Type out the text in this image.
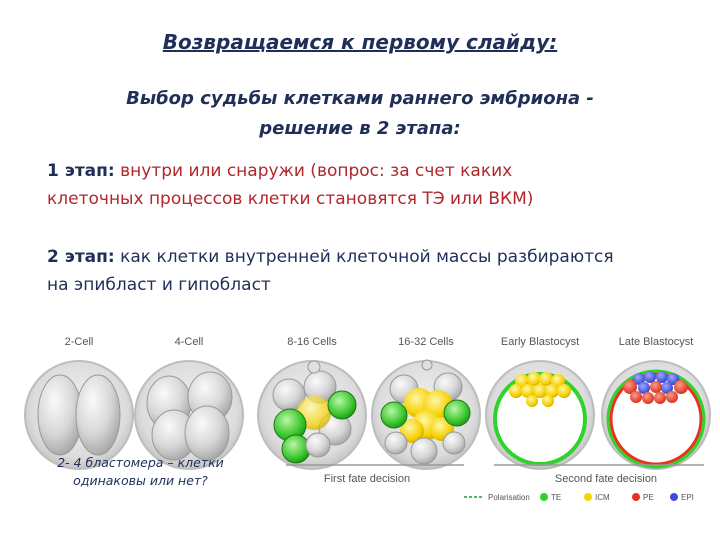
Возвращаемся к первому слайду:
Выбор судьбы клетками раннего эмбриона -
решение в 2 этапа:
1 этап: внутри или снаружи (вопрос: за счет каких
клеточных процессов клетки становятся ТЭ или ВКМ)
2 этап: как клетки внутренней клеточной массы разбираются
на эпибласт и гипобласт
2-Cell	4-Cell	8-16 Cells	16-32 Cells	Early Blastocyst	Late Blastocyst
First fate decision	Second fate decision
Polarisation	TE	ICM	PE	EPI
2- 4 бластомера – клетки
одинаковы или нет?
